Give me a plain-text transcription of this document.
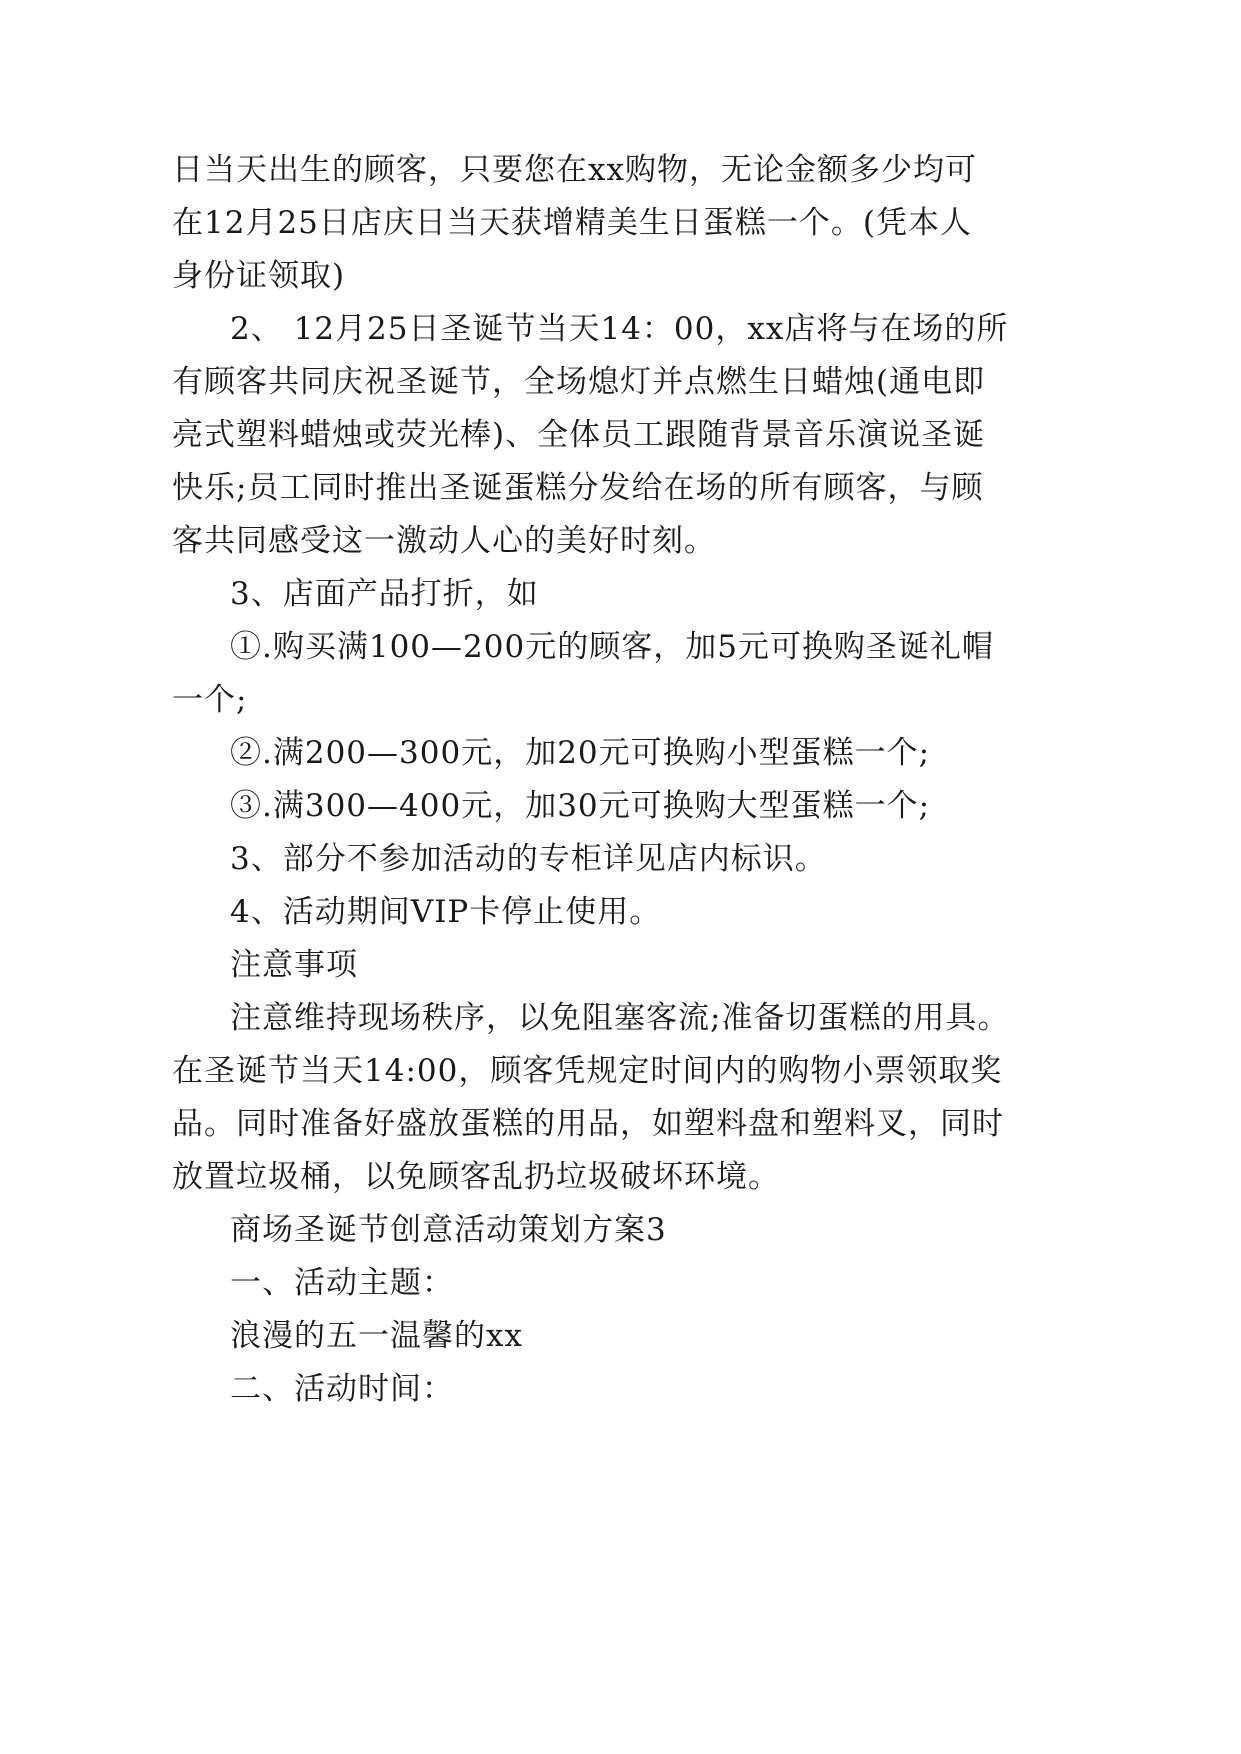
日当天出生的顾客，只要您在xx购物，无论金额多少均可
在12月25日店庆日当天获增精美生日蛋糕一个。(凭本人
身份证领取)
2、 12月25日圣诞节当天14：00，xx店将与在场的所
有顾客共同庆祝圣诞节，全场熄灯并点燃生日蜡烛(通电即
亮式塑料蜡烛或荧光棒)、全体员工跟随背景音乐演说圣诞
快乐;员工同时推出圣诞蛋糕分发给在场的所有顾客，与顾
客共同感受这一激动人心的美好时刻。
3、店面产品打折，如
①.购买满100—200元的顾客，加5元可换购圣诞礼帽
一个;
②.满200—300元，加20元可换购小型蛋糕一个;
③.满300—400元，加30元可换购大型蛋糕一个;
3、部分不参加活动的专柜详见店内标识。
4、活动期间VIP卡停止使用。
注意事项
注意维持现场秩序，以免阻塞客流;准备切蛋糕的用具。
在圣诞节当天14:00，顾客凭规定时间内的购物小票领取奖
品。同时准备好盛放蛋糕的用品，如塑料盘和塑料叉，同时
放置垃圾桶，以免顾客乱扔垃圾破坏环境。
商场圣诞节创意活动策划方案3
一、活动主题：
浪漫的五一温馨的xx
二、活动时间：
